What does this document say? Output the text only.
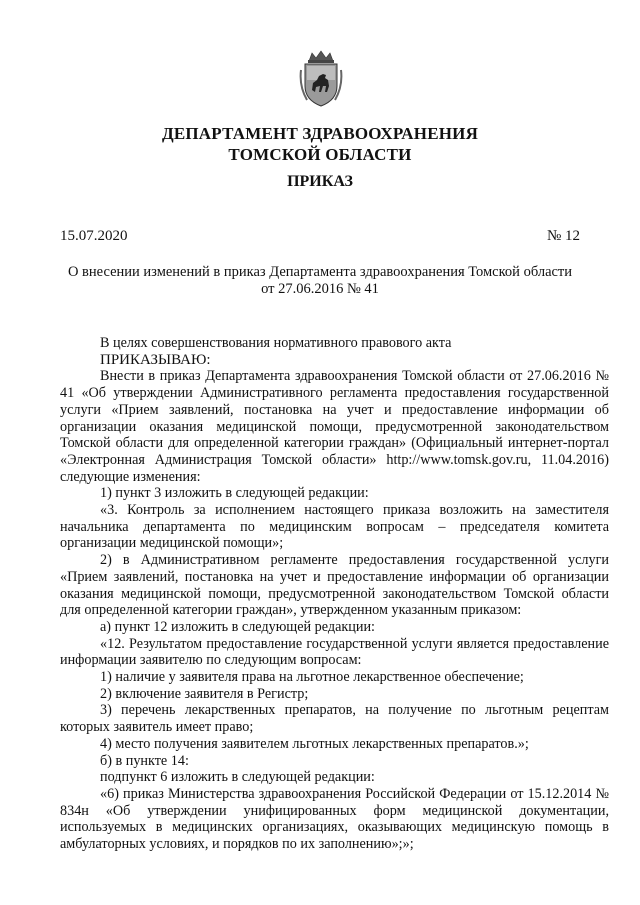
ДЕПАРТАМЕНТ ЗДРАВООХРАНЕНИЯ
ТОМСКОЙ ОБЛАСТИ
ПРИКАЗ
15.07.2020	№ 12
О внесении изменений в приказ Департамента здравоохранения Томской области
от 27.06.2016 № 41

В целях совершенствования нормативного правового акта

ПРИКАЗЫВАЮ:

Внести в приказ Департамента здравоохранения Томской области от 27.06.2016 № 41 «Об утверждении Административного регламента предоставления государственной услуги «Прием заявлений, постановка на учет и предоставление информации об организации оказания медицинской помощи, предусмотренной законодательством Томской области для определенной категории граждан» (Официальный интернет-портал «Электронная Администрация Томской области» http://www.tomsk.gov.ru, 11.04.2016) следующие изменения:

1) пункт 3 изложить в следующей редакции:

«3. Контроль за исполнением настоящего приказа возложить на заместителя начальника департамента по медицинским вопросам – председателя комитета организации медицинской помощи»;

2) в Административном регламенте предоставления государственной услуги «Прием заявлений, постановка на учет и предоставление информации об организации оказания медицинской помощи, предусмотренной законодательством Томской области для определенной категории граждан», утвержденном указанным приказом:

а) пункт 12 изложить в следующей редакции:

«12. Результатом предоставление государственной услуги является предоставление информации заявителю по следующим вопросам:

1) наличие у заявителя права на льготное лекарственное обеспечение;

2) включение заявителя в Регистр;

3) перечень лекарственных препаратов, на получение по льготным рецептам которых заявитель имеет право;

4) место получения заявителем льготных лекарственных препаратов.»;

б) в пункте 14:

подпункт 6 изложить в следующей редакции:

«6) приказ Министерства здравоохранения Российской Федерации от 15.12.2014 № 834н «Об утверждении унифицированных форм медицинской документации, используемых в медицинских организациях, оказывающих медицинскую помощь в амбулаторных условиях, и порядков по их заполнению»;»;
